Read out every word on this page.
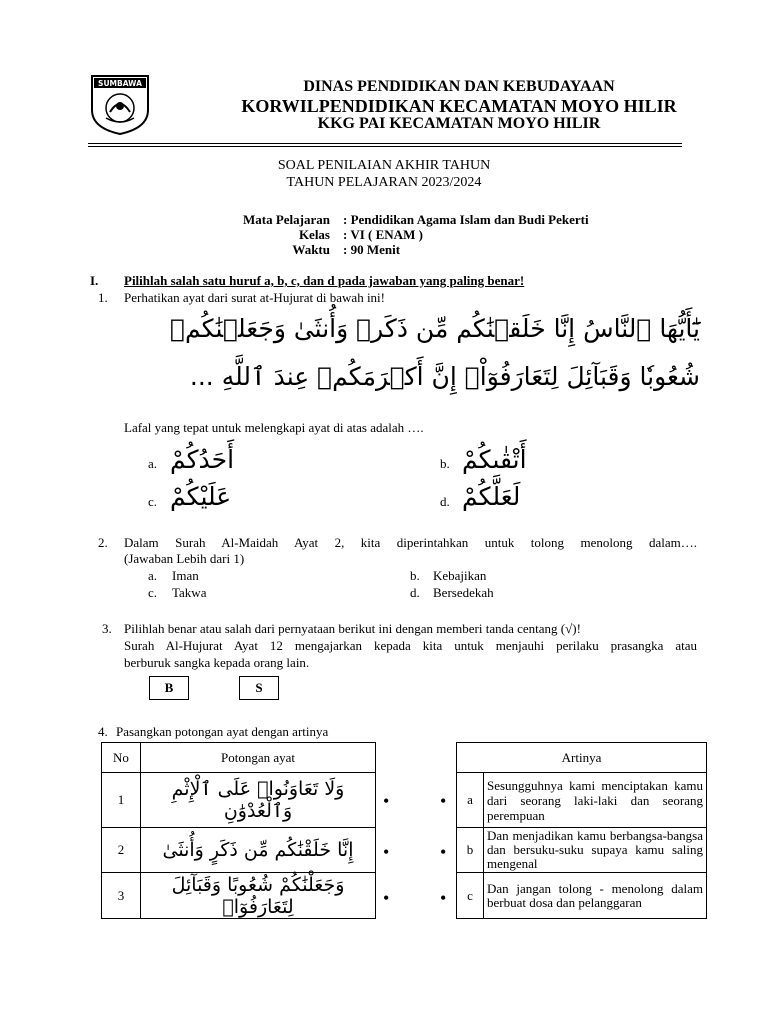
SUMBAWA	DINAS PENDIDIKAN DAN KEBUDAYAAN
KORWILPENDIDIKAN KECAMATAN MOYO HILIR
KKG PAI KECAMATAN MOYO HILIR
SOAL PENILAIAN AKHIR TAHUN
TAHUN PELAJARAN 2023/2024
Mata Pelajaran : Pendidikan Agama Islam dan Budi Pekerti
Kelas : VI ( ENAM )
Waktu : 90 Menit
I. Pilihlah salah satu huruf a, b, c, dan d pada jawaban yang paling benar!
1. Perhatikan ayat dari surat at-Hujurat di bawah ini!
يَٰٓأَيُّهَا ٱلنَّاسُ إِنَّا خَلَقۡنَٰكُم مِّن ذَكَرٖ وَأُنثَىٰ وَجَعَلۡنَٰكُمۡ
شُعُوبٗا وَقَبَآئِلَ لِتَعَارَفُوٓاْۚ إِنَّ أَكۡرَمَكُمۡ عِندَ ٱللَّهِ ...
Lafal yang tepat untuk melengkapi ayat di atas adalah ….
a. أَحَدُكُمْ	b. أَتْقٰىكُمْ
c. عَلَيْكُمْ	d. لَعَلَّكُمْ
2. Dalam Surah Al-Maidah Ayat 2, kita diperintahkan untuk tolong menolong dalam….
(Jawaban Lebih dari 1)
a. Iman	b. Kebajikan
c. Takwa	d. Bersedekah
3. Pilihlah benar atau salah dari pernyataan berikut ini dengan memberi tanda centang (√)!
Surah Al-Hujurat Ayat 12 mengajarkan kepada kita untuk menjauhi perilaku prasangka atau
berburuk sangka kepada orang lain.
B	S
4. Pasangkan potongan ayat dengan artinya
No	Potongan ayat
1	وَلَا تَعَاوَنُوا۟ عَلَى ٱلْإِثْمِ وَٱلْعُدْوَٰنِ
2	إِنَّا خَلَقْنَٰكُم مِّن ذَكَرٍ وَأُنثَىٰ
3	وَجَعَلْنَٰكُمْ شُعُوبًا وَقَبَآئِلَ لِتَعَارَفُوٓا۟
•
•
•
•
•
•
Artinya	
a	Sesungguhnya kami menciptakan kamu dari seorang laki-laki dan seorang perempuan
b	Dan menjadikan kamu berbangsa-bangsa dan bersuku-suku supaya kamu saling mengenal
c	Dan jangan tolong - menolong dalam berbuat dosa dan pelanggaran
